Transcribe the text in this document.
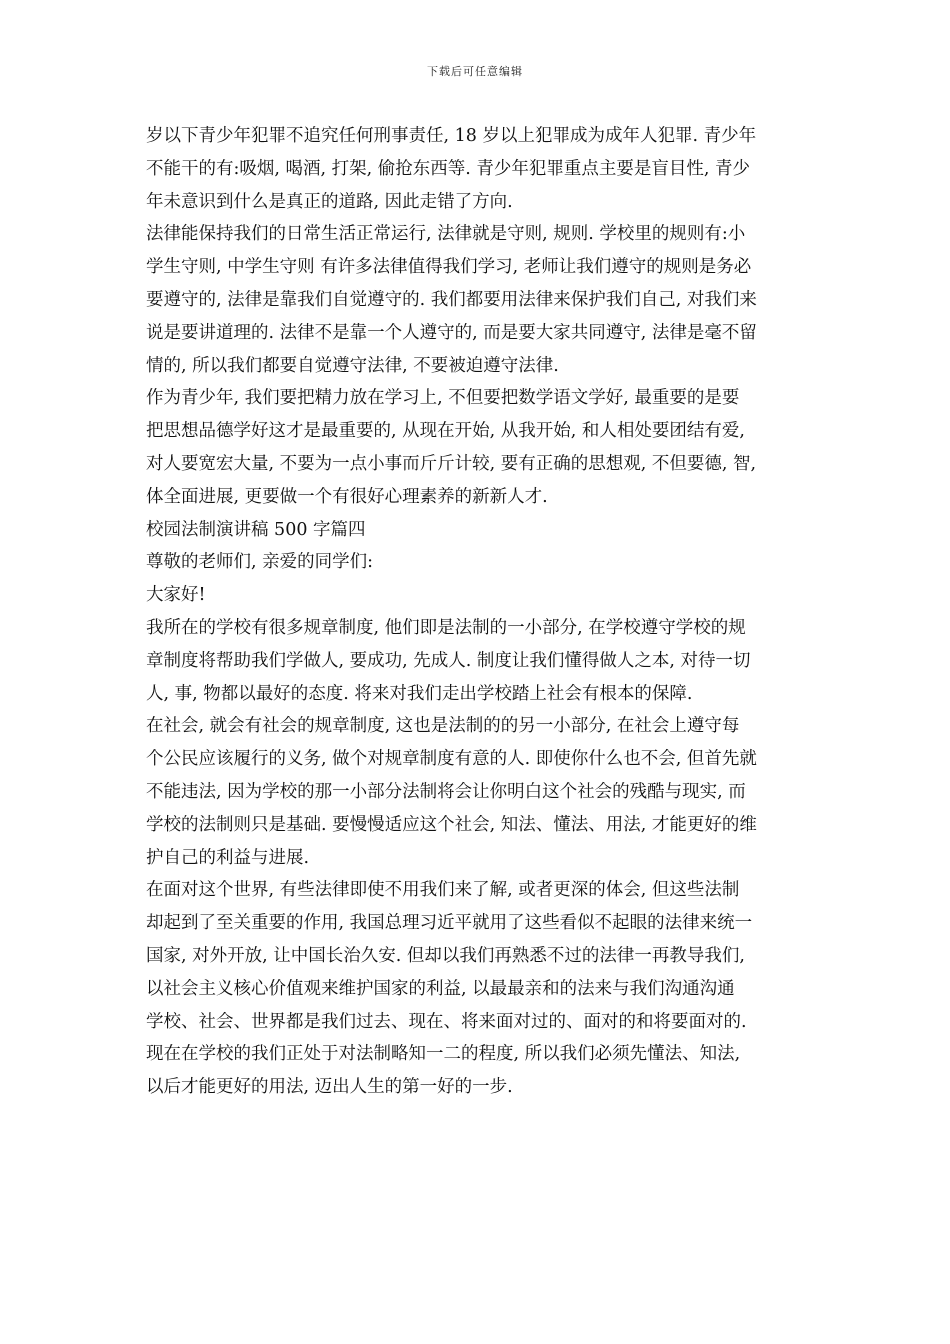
下载后可任意编辑
岁以下青少年犯罪不追究任何刑事责任, 18 岁以上犯罪成为成年人犯罪. 青少年
不能干的有:吸烟, 喝酒, 打架, 偷抢东西等. 青少年犯罪重点主要是盲目性, 青少
年未意识到什么是真正的道路, 因此走错了方向.
法律能保持我们的日常生活正常运行, 法律就是守则, 规则. 学校里的规则有:小
学生守则, 中学生守则 有许多法律值得我们学习, 老师让我们遵守的规则是务必
要遵守的, 法律是靠我们自觉遵守的. 我们都要用法律来保护我们自己, 对我们来
说是要讲道理的. 法律不是靠一个人遵守的, 而是要大家共同遵守, 法律是毫不留
情的, 所以我们都要自觉遵守法律, 不要被迫遵守法律.
作为青少年, 我们要把精力放在学习上, 不但要把数学语文学好, 最重要的是要
把思想品德学好这才是最重要的, 从现在开始, 从我开始, 和人相处要团结有爱,
对人要宽宏大量, 不要为一点小事而斤斤计较, 要有正确的思想观, 不但要德, 智,
体全面进展, 更要做一个有很好心理素养的新新人才.
校园法制演讲稿 500 字篇四
尊敬的老师们, 亲爱的同学们:
大家好!
我所在的学校有很多规章制度, 他们即是法制的一小部分, 在学校遵守学校的规
章制度将帮助我们学做人, 要成功, 先成人. 制度让我们懂得做人之本, 对待一切
人, 事, 物都以最好的态度. 将来对我们走出学校踏上社会有根本的保障.
在社会, 就会有社会的规章制度, 这也是法制的的另一小部分, 在社会上遵守每
个公民应该履行的义务, 做个对规章制度有意的人. 即使你什么也不会, 但首先就
不能违法, 因为学校的那一小部分法制将会让你明白这个社会的残酷与现实, 而
学校的法制则只是基础. 要慢慢适应这个社会, 知法、懂法、用法, 才能更好的维
护自己的利益与进展.
在面对这个世界, 有些法律即使不用我们来了解, 或者更深的体会, 但这些法制
却起到了至关重要的作用, 我国总理习近平就用了这些看似不起眼的法律来统一
国家, 对外开放, 让中国长治久安. 但却以我们再熟悉不过的法律一再教导我们,
以社会主义核心价值观来维护国家的利益, 以最最亲和的法来与我们沟通沟通
学校、社会、世界都是我们过去、现在、将来面对过的、面对的和将要面对的.
现在在学校的我们正处于对法制略知一二的程度, 所以我们必须先懂法、知法,
以后才能更好的用法, 迈出人生的第一好的一步.
